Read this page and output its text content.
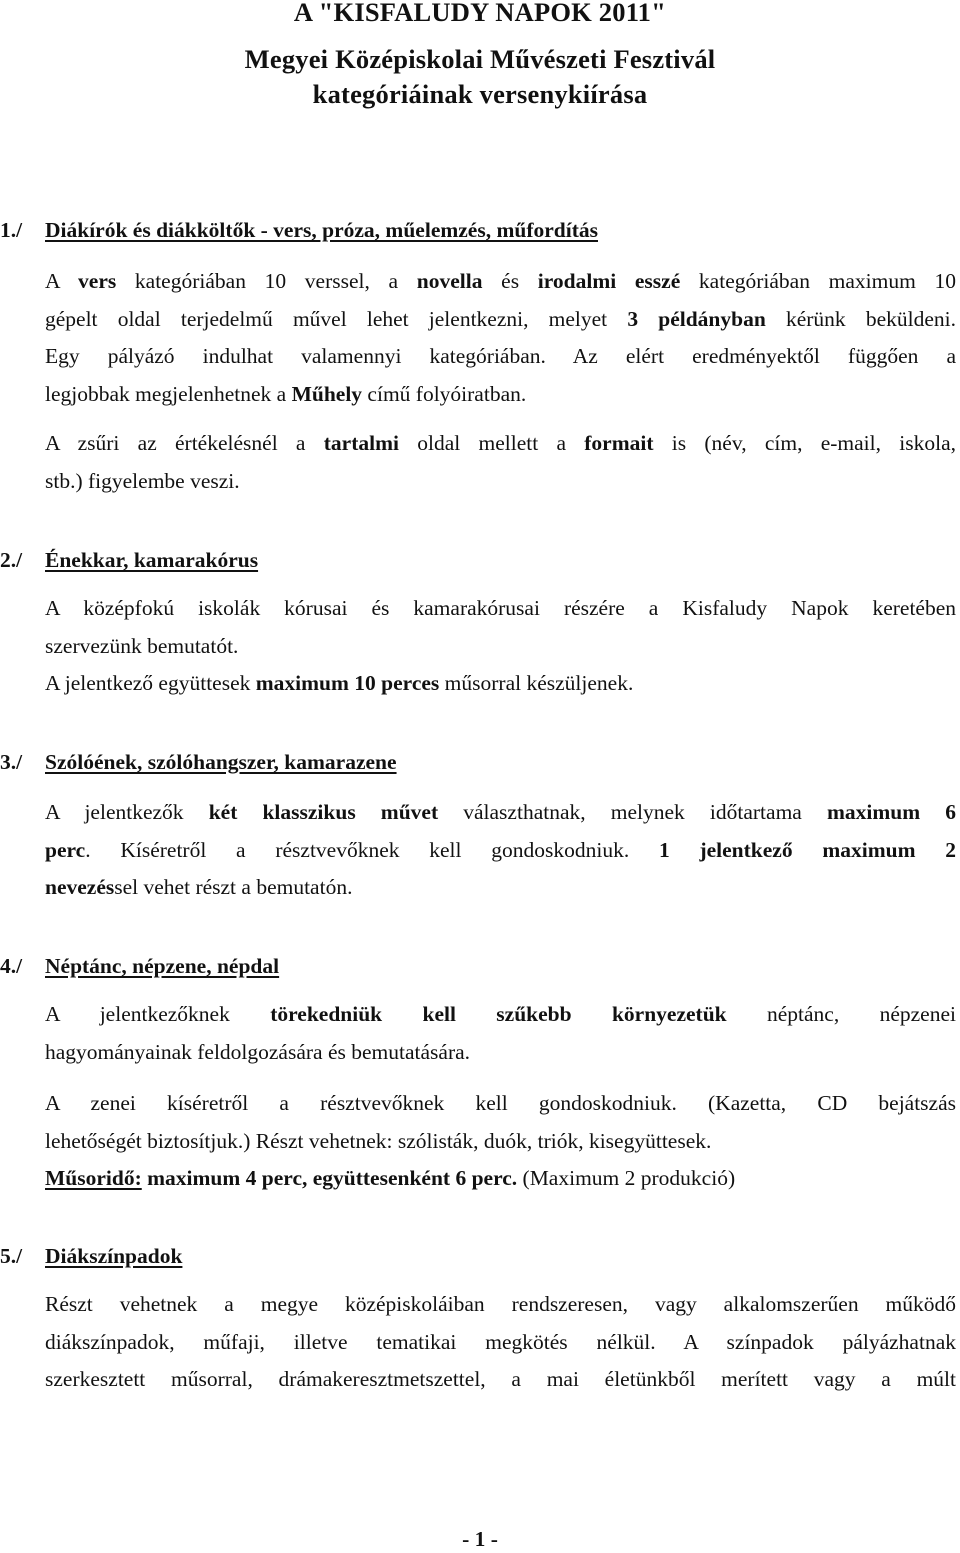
A "KISFALUDY NAPOK 2011"

Megyei Középiskolai Művészeti Fesztivál

kategóriáinak versenykiírása

1./ Diákírók és diákköltők - vers, próza, műelemzés, műfordítás
A vers kategóriában 10 verssel, a novella és irodalmi esszé kategóriában maximum 10
gépelt oldal terjedelmű művel lehet jelentkezni, melyet 3 példányban kérünk beküldeni.
Egy pályázó indulhat valamennyi kategóriában. Az elért eredményektől függően a
legjobbak megjelenhetnek a Műhely című folyóiratban.
A zsűri az értékelésnél a tartalmi oldal mellett a formait is (név, cím, e-mail, iskola,
stb.) figyelembe veszi.
2./ Énekkar, kamarakórus
A középfokú iskolák kórusai és kamarakórusai részére a Kisfaludy Napok keretében
szervezünk bemutatót.
A jelentkező együttesek maximum 10 perces műsorral készüljenek.
3./ Szólóének, szólóhangszer, kamarazene
A jelentkezők két klasszikus művet választhatnak, melynek időtartama maximum 6
perc. Kíséretről a résztvevőknek kell gondoskodniuk. 1 jelentkező maximum 2
nevezéssel vehet részt a bemutatón.
4./ Néptánc, népzene, népdal
A jelentkezőknek törekedniük kell szűkebb környezetük néptánc, népzenei
hagyományainak feldolgozására és bemutatására.
A zenei kíséretről a résztvevőknek kell gondoskodniuk. (Kazetta, CD bejátszás
lehetőségét biztosítjuk.) Részt vehetnek: szólisták, duók, triók, kisegyüttesek.
Műsoridő: maximum 4 perc, együttesenként 6 perc. (Maximum 2 produkció)
5./ Diákszínpadok
Részt vehetnek a megye középiskoláiban rendszeresen, vagy alkalomszerűen működő
diákszínpadok, műfaji, illetve tematikai megkötés nélkül. A színpadok pályázhatnak
szerkesztett műsorral, drámakeresztmetszettel, a mai életünkből merített vagy a múlt
- 1 -
